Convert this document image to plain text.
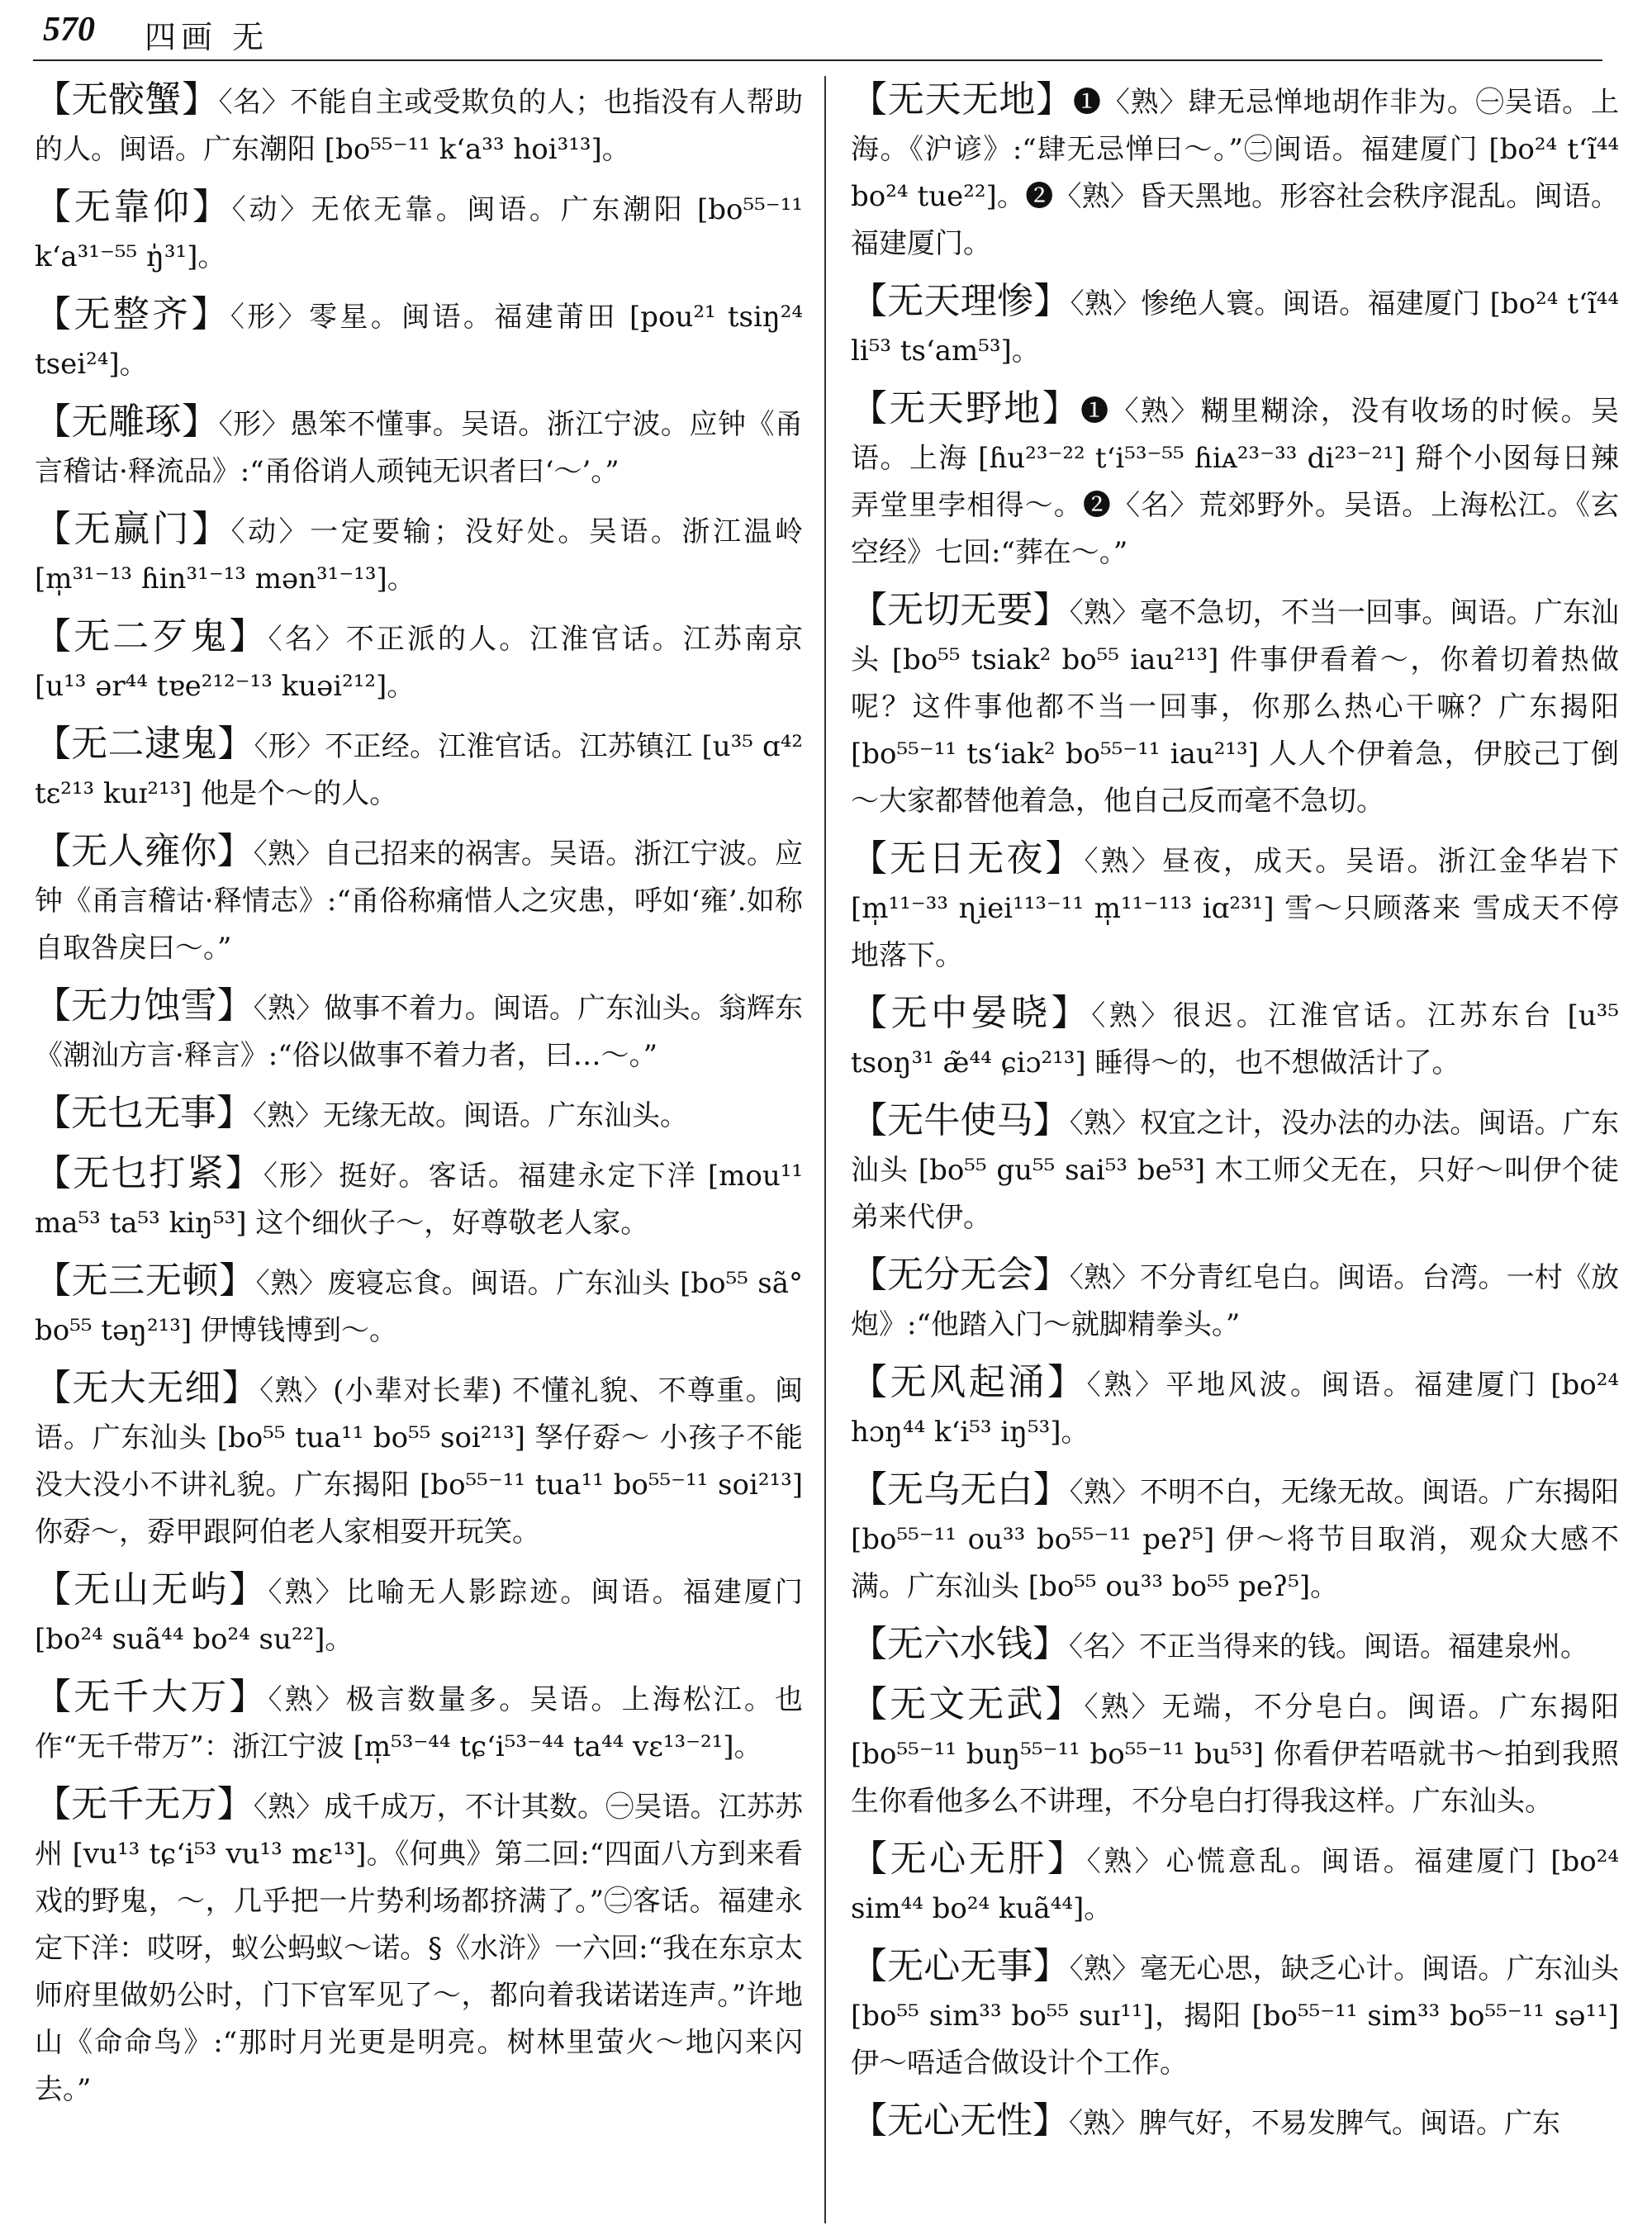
570 四画 无
【无骹蟹】〈名〉不能自主或受欺负的人；也指没有人帮助的人。闽语。广东潮阳 [bo⁵⁵⁻¹¹ k‘a³³ hoi³¹³]。
【无靠仰】〈动〉无依无靠。闽语。广东潮阳 [bo⁵⁵⁻¹¹ k‘a³¹⁻⁵⁵ ŋ̍³¹]。
【无整齐】〈形〉零星。闽语。福建莆田 [pou²¹ tsiŋ²⁴ tsei²⁴]。
【无雕琢】〈形〉愚笨不懂事。吴语。浙江宁波。应钟《甬言稽诂·释流品》:“甬俗诮人顽钝无识者曰‘～’。”
【无赢门】〈动〉一定要输；没好处。吴语。浙江温岭 [m̩³¹⁻¹³ ɦin³¹⁻¹³ mən³¹⁻¹³]。
【无二歹鬼】〈名〉不正派的人。江淮官话。江苏南京 [u¹³ ər⁴⁴ tɐe²¹²⁻¹³ kuəi²¹²]。
【无二逮鬼】〈形〉不正经。江淮官话。江苏镇江 [u³⁵ ɑ⁴² tɛ²¹³ kuɪ²¹³] 他是个～的人。
【无人雍你】〈熟〉自己招来的祸害。吴语。浙江宁波。应钟《甬言稽诂·释情志》:“甬俗称痛惜人之灾患，呼如‘雍’.如称自取咎戾曰～。”
【无力蚀雪】〈熟〉做事不着力。闽语。广东汕头。翁辉东《潮汕方言·释言》:“俗以做事不着力者，曰…～。”
【无乜无事】〈熟〉无缘无故。闽语。广东汕头。
【无乜打紧】〈形〉挺好。客话。福建永定下洋 [mou¹¹ ma⁵³ ta⁵³ kiŋ⁵³] 这个细伙子～，好尊敬老人家。
【无三无顿】〈熟〉废寝忘食。闽语。广东汕头 [bo⁵⁵ sã° bo⁵⁵ təŋ²¹³] 伊博钱博到～。
【无大无细】〈熟〉(小辈对长辈) 不懂礼貌、不尊重。闽语。广东汕头 [bo⁵⁵ tua¹¹ bo⁵⁵ soi²¹³] 孥仔孬～ 小孩子不能没大没小不讲礼貌。广东揭阳 [bo⁵⁵⁻¹¹ tua¹¹ bo⁵⁵⁻¹¹ soi²¹³] 你孬～，孬甲跟阿伯老人家相耍开玩笑。
【无山无屿】〈熟〉比喻无人影踪迹。闽语。福建厦门 [bo²⁴ suã⁴⁴ bo²⁴ su²²]。
【无千大万】〈熟〉极言数量多。吴语。上海松江。也作“无千带万”：浙江宁波 [m̩⁵³⁻⁴⁴ tɕ‘i⁵³⁻⁴⁴ ta⁴⁴ vɛ¹³⁻²¹]。
【无千无万】〈熟〉成千成万，不计其数。㊀吴语。江苏苏州 [vu¹³ tɕ‘i⁵³ vu¹³ mɛ¹³]。《何典》第二回:“四面八方到来看戏的野鬼，～，几乎把一片势利场都挤满了。”㊁客话。福建永定下洋：哎呀，蚁公蚂蚁～诺。§《水浒》一六回:“我在东京太师府里做奶公时，门下官军见了～，都向着我诺诺连声。”许地山《命命鸟》:“那时月光更是明亮。树林里萤火～地闪来闪去。”
【无天无地】❶〈熟〉肆无忌惮地胡作非为。㊀吴语。上海。《沪谚》:“肆无忌惮曰～。”㊁闽语。福建厦门 [bo²⁴ t‘ĩ⁴⁴ bo²⁴ tue²²]。❷〈熟〉昏天黑地。形容社会秩序混乱。闽语。福建厦门。
【无天理惨】〈熟〉惨绝人寰。闽语。福建厦门 [bo²⁴ t‘ĩ⁴⁴ li⁵³ ts‘am⁵³]。
【无天野地】❶〈熟〉糊里糊涂，没有收场的时候。吴语。上海 [ɦu²³⁻²² t‘i⁵³⁻⁵⁵ ɦiᴀ²³⁻³³ di²³⁻²¹] 搿个小囡每日辣弄堂里孛相得～。❷〈名〉荒郊野外。吴语。上海松江。《玄空经》七回:“葬在～。”
【无切无要】〈熟〉毫不急切，不当一回事。闽语。广东汕头 [bo⁵⁵ tsiak² bo⁵⁵ iau²¹³] 件事伊看着～，你着切着热做呢？这件事他都不当一回事，你那么热心干嘛？广东揭阳 [bo⁵⁵⁻¹¹ ts‘iak² bo⁵⁵⁻¹¹ iau²¹³] 人人个伊着急，伊胶己丁倒～大家都替他着急，他自己反而毫不急切。
【无日无夜】〈熟〉昼夜，成天。吴语。浙江金华岩下 [m̩¹¹⁻³³ ɳiei¹¹³⁻¹¹ m̩¹¹⁻¹¹³ iɑ²³¹] 雪～只顾落来 雪成天不停地落下。
【无中晏晓】〈熟〉很迟。江淮官话。江苏东台 [u³⁵ tsoŋ³¹ æ̃⁴⁴ ɕiɔ²¹³] 睡得～的，也不想做活计了。
【无牛使马】〈熟〉权宜之计，没办法的办法。闽语。广东汕头 [bo⁵⁵ gu⁵⁵ sai⁵³ be⁵³] 木工师父无在，只好～叫伊个徒弟来代伊。
【无分无会】〈熟〉不分青红皂白。闽语。台湾。一村《放炮》:“他踏入门～就脚精拳头。”
【无风起涌】〈熟〉平地风波。闽语。福建厦门 [bo²⁴ hɔŋ⁴⁴ k‘i⁵³ iŋ⁵³]。
【无乌无白】〈熟〉不明不白，无缘无故。闽语。广东揭阳 [bo⁵⁵⁻¹¹ ou³³ bo⁵⁵⁻¹¹ peʔ⁵] 伊～将节目取消，观众大感不满。广东汕头 [bo⁵⁵ ou³³ bo⁵⁵ peʔ⁵]。
【无六水钱】〈名〉不正当得来的钱。闽语。福建泉州。
【无文无武】〈熟〉无端，不分皂白。闽语。广东揭阳 [bo⁵⁵⁻¹¹ buŋ⁵⁵⁻¹¹ bo⁵⁵⁻¹¹ bu⁵³] 你看伊若唔就书～拍到我照生你看他多么不讲理，不分皂白打得我这样。广东汕头。
【无心无肝】〈熟〉心慌意乱。闽语。福建厦门 [bo²⁴ sim⁴⁴ bo²⁴ kuã⁴⁴]。
【无心无事】〈熟〉毫无心思，缺乏心计。闽语。广东汕头 [bo⁵⁵ sim³³ bo⁵⁵ suɪ¹¹]，揭阳 [bo⁵⁵⁻¹¹ sim³³ bo⁵⁵⁻¹¹ sə¹¹] 伊～唔适合做设计个工作。
【无心无性】〈熟〉脾气好，不易发脾气。闽语。广东
